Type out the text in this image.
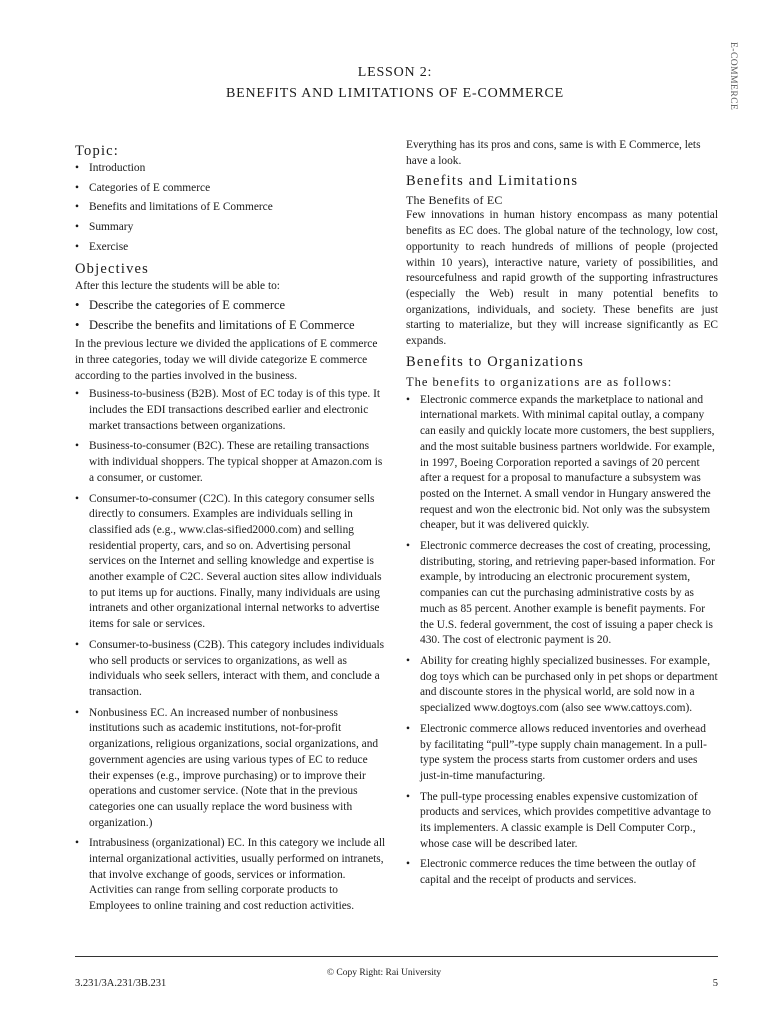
E-COMMERCE
LESSON 2:
BENEFITS AND LIMITATIONS OF E-COMMERCE
Topic:
• Introduction
• Categories of E commerce
• Benefits and limitations of E Commerce
• Summary
• Exercise
Objectives

After this lecture the students will be able to:

• Describe the categories of E commerce
• Describe the benefits and limitations of E Commerce

In the previous lecture we divided the applications of E commerce in three categories, today we will divide categorize E commerce according to the parties involved in the business.

• Business-to-business (B2B). Most of EC today is of this type. It includes the EDI transactions described earlier and electronic market transactions between organizations.
• Business-to-consumer (B2C). These are retailing transactions with individual shoppers. The typical shopper at Amazon.com is a consumer, or customer.
• Consumer-to-consumer (C2C). In this category consumer sells directly to consumers. Examples are individuals selling in classified ads (e.g., www.clas-sified2000.com) and selling residential property, cars, and so on. Advertising personal services on the Internet and selling knowledge and expertise is another example of C2C. Several auction sites allow individuals to put items up for auctions. Finally, many individuals are using intranets and other organizational internal networks to advertise items for sale or services.
• Consumer-to-business (C2B). This category includes individuals who sell products or services to organizations, as well as individuals who seek sellers, interact with them, and conclude a transaction.
• Nonbusiness EC. An increased number of nonbusiness institutions such as academic institutions, not-for-profit organizations, religious organizations, social organizations, and government agencies are using various types of EC to reduce their expenses (e.g., improve purchasing) or to improve their operations and customer service. (Note that in the previous categories one can usually replace the word business with organization.)
• Intrabusiness (organizational) EC. In this category we include all internal organizational activities, usually performed on intranets, that involve exchange of goods, services or information. Activities can range from selling corporate products to Employees to online training and cost reduction activities.

Everything has its pros and cons, same is with E Commerce, lets have a look.

Benefits and Limitations
The Benefits of EC

Few innovations in human history encompass as many potential benefits as EC does. The global nature of the technology, low cost, opportunity to reach hundreds of millions of people (projected within 10 years), interactive nature, variety of possibilities, and resourcefulness and rapid growth of the supporting infrastructures (especially the Web) result in many potential benefits to organizations, individuals, and society. These benefits are just starting to materialize, but they will increase significantly as EC expands.

Benefits to Organizations
The benefits to organizations are as follows:
• Electronic commerce expands the marketplace to national and international markets. With minimal capital outlay, a company can easily and quickly locate more customers, the best suppliers, and the most suitable business partners worldwide. For example, in 1997, Boeing Corporation reported a savings of 20 percent after a request for a proposal to manufacture a subsystem was posted on the Internet. A small vendor in Hungary answered the request and won the electronic bid. Not only was the subsystem cheaper, but it was delivered quickly.
• Electronic commerce decreases the cost of creating, processing, distributing, storing, and retrieving paper-based information. For example, by introducing an electronic procurement system, companies can cut the purchasing administrative costs by as much as 85 percent. Another example is benefit payments. For the U.S. federal government, the cost of issuing a paper check is 430. The cost of electronic payment is 20.
• Ability for creating highly specialized businesses. For example, dog toys which can be purchased only in pet shops or department and discounte stores in the physical world, are sold now in a specialized www.dogtoys.com (also see www.cattoys.com).
• Electronic commerce allows reduced inventories and overhead by facilitating “pull”-type supply chain management. In a pull-type system the process starts from customer orders and uses just-in-time manufacturing.
• The pull-type processing enables expensive customization of products and services, which provides competitive advantage to its implementers. A classic example is Dell Computer Corp., whose case will be described later.
• Electronic commerce reduces the time between the outlay of capital and the receipt of products and services.
3.231/3A.231/3B.231
© Copy Right: Rai University
5
